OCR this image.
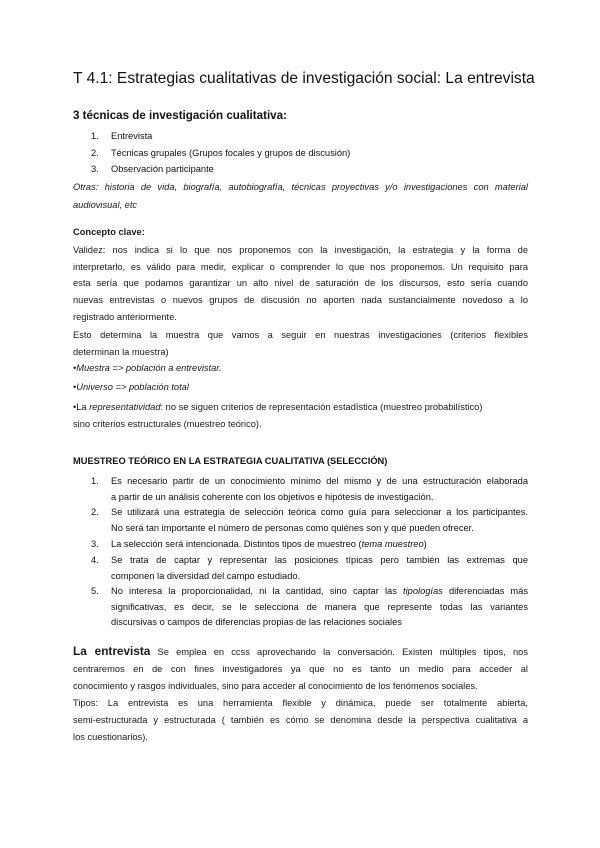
T 4.1: Estrategias cualitativas de investigación social: La entrevista
3 técnicas de investigación cualitativa:
1. Entrevista
2. Técnicas grupales (Grupos focales y grupos de discusión)
3. Observación participante
Otras: historia de vida, biografía, autobiografía, técnicas proyectivas y/o investigaciones con material
audiovisual, etc
Concepto clave:
Validez: nos indica si lo que nos proponemos con la investigación, la estrategia y la forma de
interpretarlo, es válido para medir, explicar o comprender lo que nos proponemos. Un requisito para
esta sería que podamos garantizar un alto nivel de saturación de los discursos, esto sería cuando
nuevas entrevistas o nuevos grupos de discusión no aporten nada sustancialmente novedoso a lo
registrado anteriormente.
Esto determina la muestra que vamos a seguir en nuestras investigaciones (criterios flexibles
determinan la muestra)
•Muestra => población a entrevistar.
•Universo => población total
•La representatividad: no se siguen criterios de representación estadística (muestreo probabilístico)
sino criterios estructurales (muestreo teórico).
MUESTREO TEÓRICO EN LA ESTRATEGIA CUALITATIVA (SELECCIÓN)
1. Es necesario partir de un conocimiento mínimo del mismo y de una estructuración elaborada
a partir de un análisis coherente con los objetivos e hipótesis de investigación.
2. Se utilizará una estrategia de selección teórica como guía para seleccionar a los participantes.
No será tan importante el número de personas como quiénes son y qué pueden ofrecer.
3. La selección será intencionada. Distintos tipos de muestreo (tema muestreo)
4. Se trata de captar y representar las posiciones típicas pero también las extremas que
componen la diversidad del campo estudiado.
5. No interesa la proporcionalidad, ni la cantidad, sino captar las tipologías diferenciadas más
significativas, es decir, se le selecciona de manera que represente todas las variantes
discursivas o campos de diferencias propias de las relaciones sociales
La entrevista Se emplea en ccss aprovechando la conversación. Existen múltiples tipos, nos
centraremos en de con fines investigadores ya que no es tanto un medio para acceder al
conocimiento y rasgos individuales, sino para acceder al conocimiento de los fenómenos sociales.
Tipos: La entrevista es una herramienta flexible y dinámica, puede ser totalmente abierta,
semi-estructurada y estructurada ( también es cómo se denomina desde la perspectiva cualitativa a
los cuestionarios).
